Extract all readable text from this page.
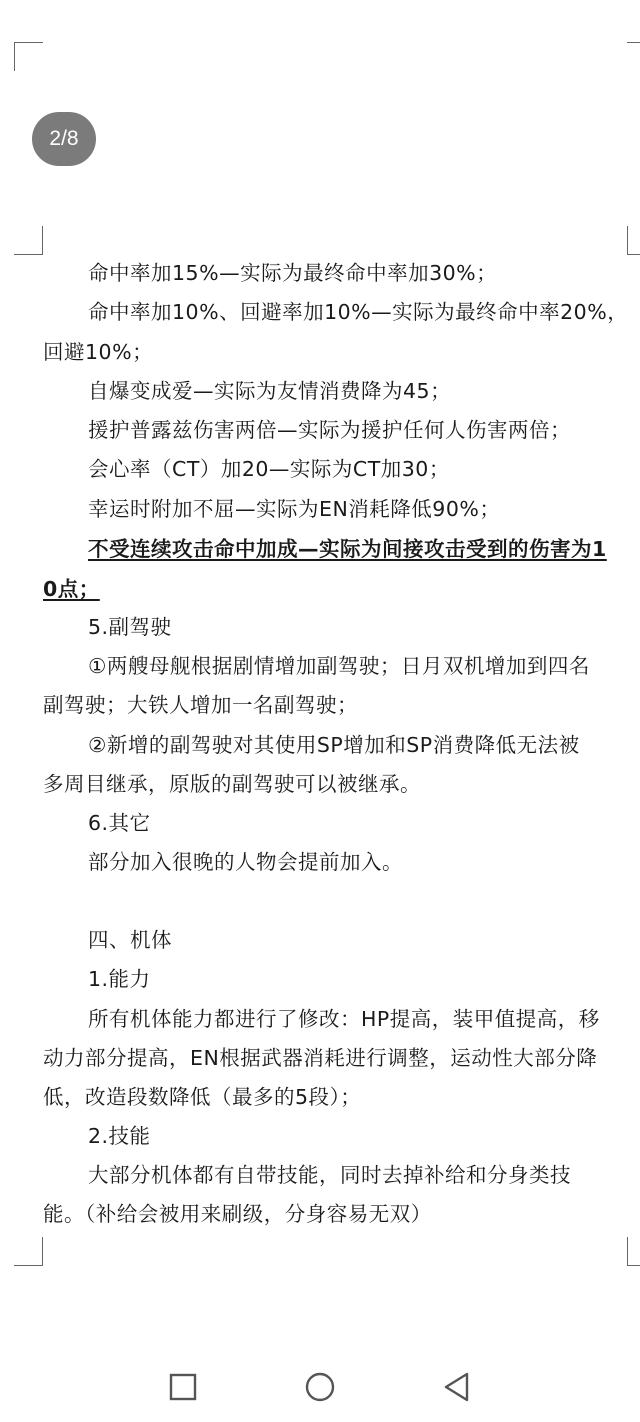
2/8
命中率加15%—实际为最终命中率加30%；
命中率加10%、回避率加10%—实际为最终命中率20%，
回避10%；
自爆变成爱—实际为友情消费降为45；
援护普露兹伤害两倍—实际为援护任何人伤害两倍；
会心率（CT）加20—实际为CT加30；
幸运时附加不屈—实际为EN消耗降低90%；
不受连续攻击命中加成—实际为间接攻击受到的伤害为1
0点；
5.副驾驶
①两艘母舰根据剧情增加副驾驶；日月双机增加到四名
副驾驶；大铁人增加一名副驾驶；
②新增的副驾驶对其使用SP增加和SP消费降低无法被
多周目继承，原版的副驾驶可以被继承。
6.其它
部分加入很晚的人物会提前加入。
四、机体
1.能力
所有机体能力都进行了修改：HP提高，装甲值提高，移
动力部分提高，EN根据武器消耗进行调整，运动性大部分降
低，改造段数降低（最多的5段）；
2.技能
大部分机体都有自带技能，同时去掉补给和分身类技
能。（补给会被用来刷级，分身容易无双）
